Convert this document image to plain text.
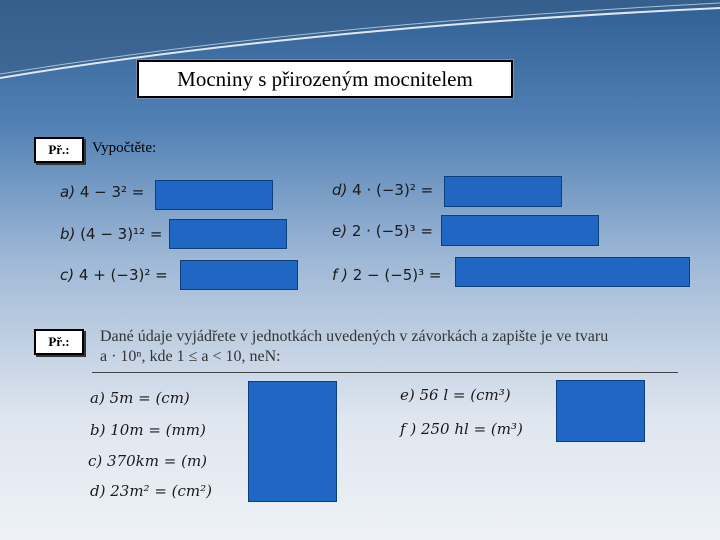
Mocniny s přirozeným mocnitelem
Př.:	Vypočtěte:
a) 4 − 3² =
b) (4 − 3)¹² =
c) 4 + (−3)² =
d) 4 · (−3)² =
e) 2 · (−5)³ =
f ) 2 − (−5)³ =
Př.:	Dané údaje vyjádřete v jednotkách uvedených v závorkách a zapište je ve tvaru
a · 10ⁿ, kde 1 ≤ a < 10, neN:
a) 5m = (cm)
b) 10m = (mm)
c) 370km = (m)
d) 23m² = (cm²)
e) 56 l = (cm³)
f ) 250 hl = (m³)
